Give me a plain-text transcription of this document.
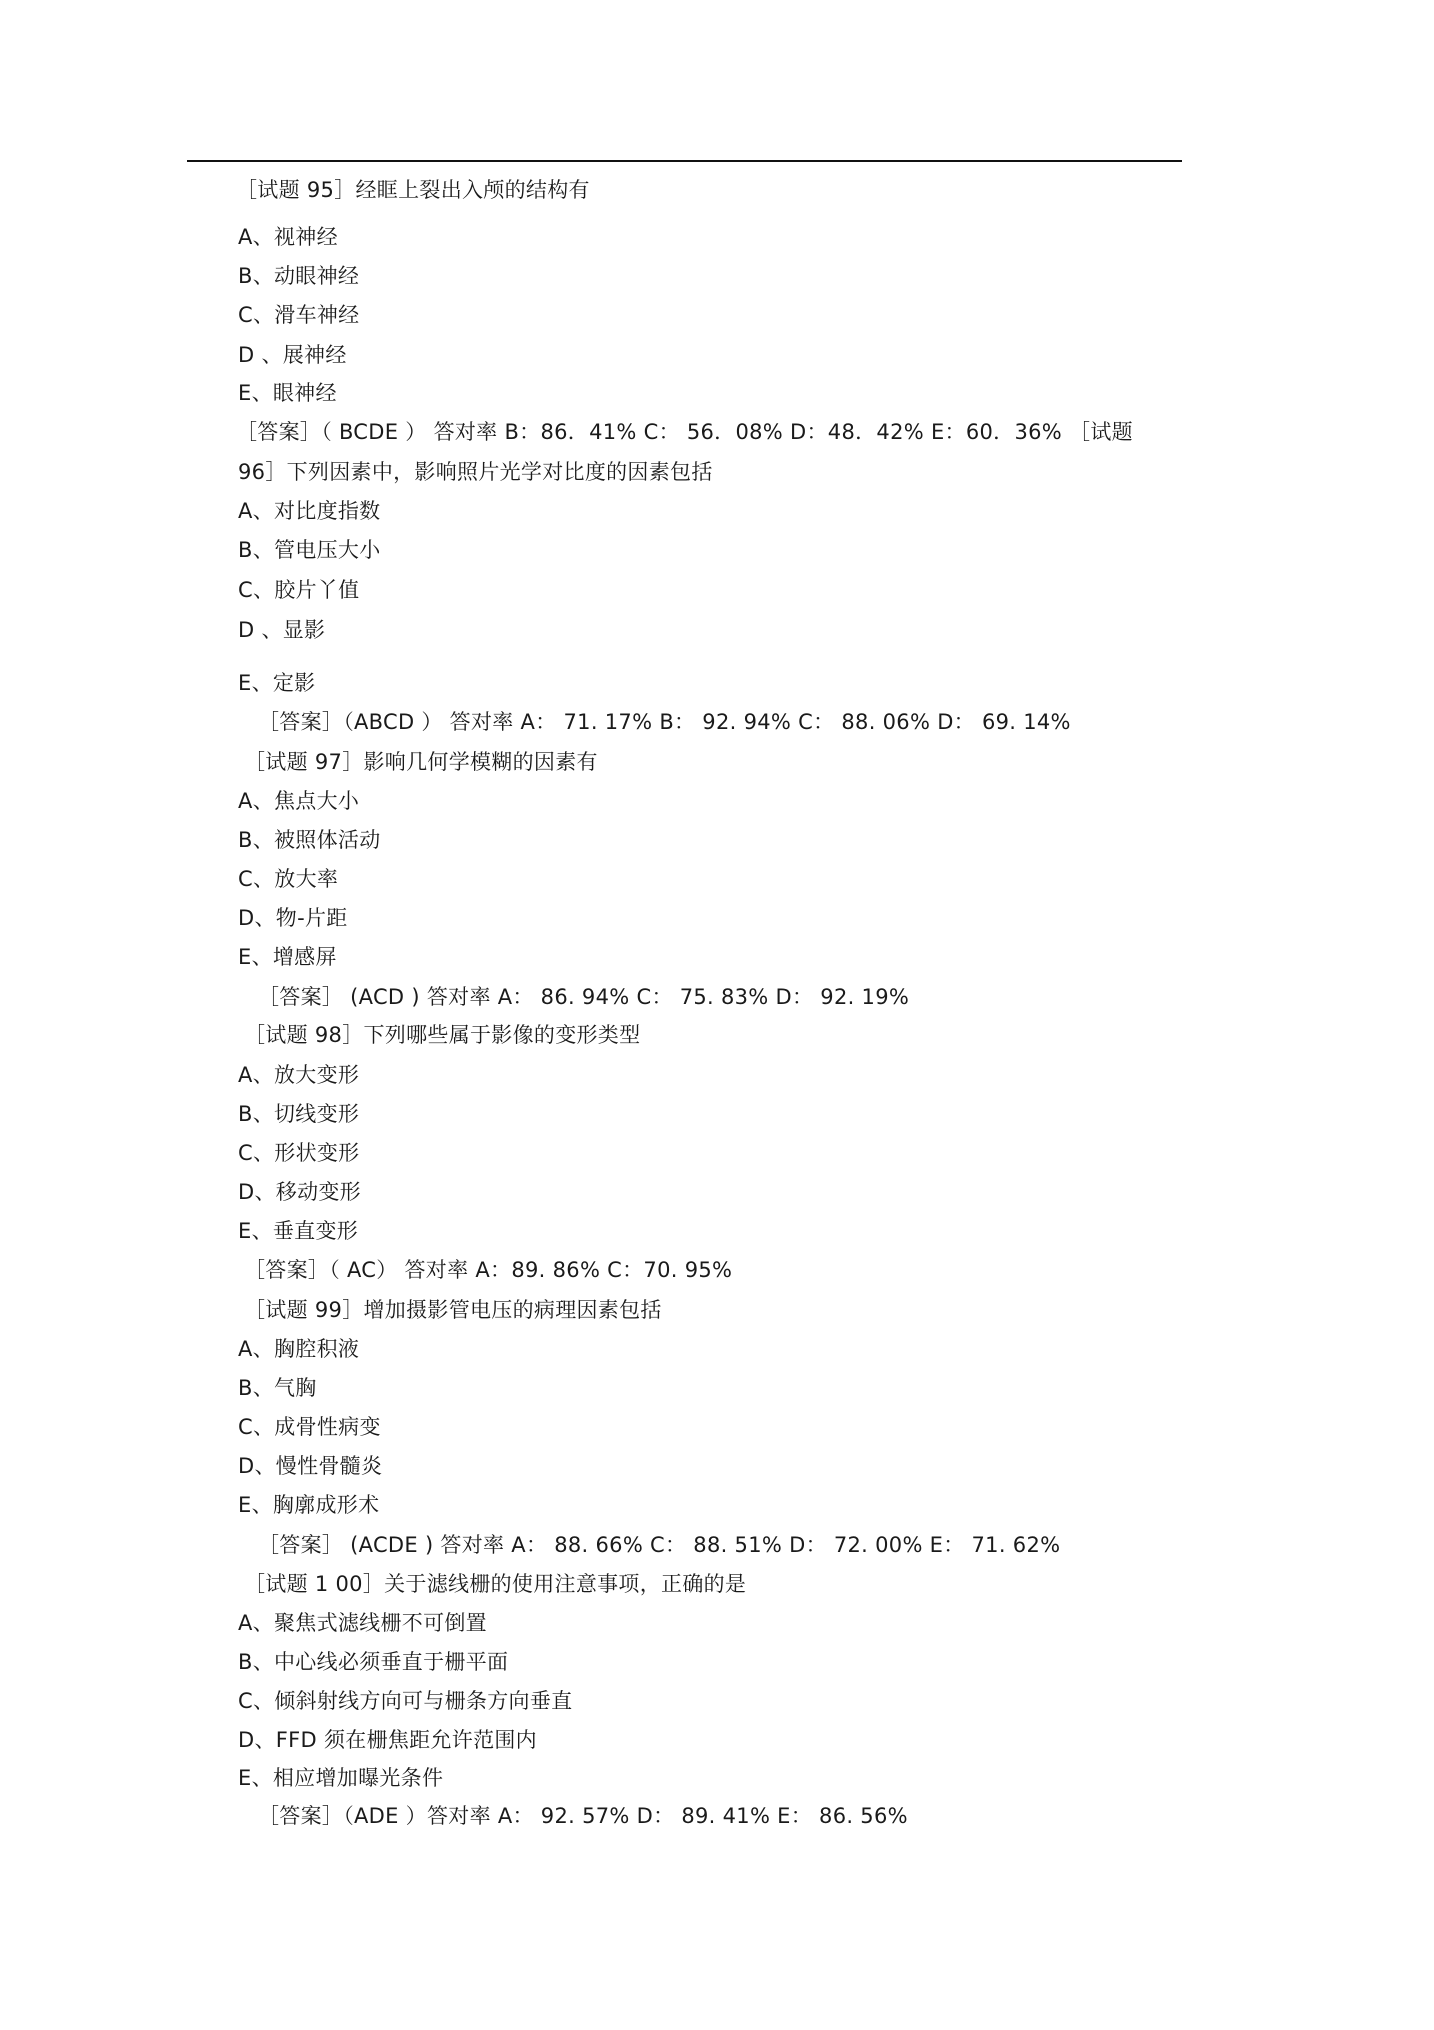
［试题 95］经眶上裂出入颅的结构有
A、视神经
B、动眼神经
C、滑车神经
D 、展神经
E、眼神经
［答案］（ BCDE ） 答对率 B：86．41% C： 56．08% D：48．42% E：60．36% ［试题
96］下列因素中，影响照片光学对比度的因素包括
A、对比度指数
B、管电压大小
C、胶片丫值
D 、显影
E、定影
［答案］（ABCD ） 答对率 A： 71. 17% B： 92. 94% C： 88. 06% D： 69. 14%
［试题 97］影响几何学模糊的因素有
A、焦点大小
B、被照体活动
C、放大率
D、物-片距
E、增感屏
［答案］ (ACD ) 答对率 A： 86. 94% C： 75. 83% D： 92. 19%
［试题 98］下列哪些属于影像的变形类型
A、放大变形
B、切线变形
C、形状变形
D、移动变形
E、垂直变形
［答案］（ AC） 答对率 A：89. 86% C：70. 95%
［试题 99］增加摄影管电压的病理因素包括
A、胸腔积液
B、气胸
C、成骨性病变
D、慢性骨髓炎
E、胸廓成形术
［答案］ (ACDE ) 答对率 A： 88. 66% C： 88. 51% D： 72. 00% E： 71. 62%
［试题 1 00］关于滤线栅的使用注意事项，正确的是
A、聚焦式滤线栅不可倒置
B、中心线必须垂直于栅平面
C、倾斜射线方向可与栅条方向垂直
D、FFD 须在栅焦距允许范围内
E、相应增加曝光条件
［答案］（ADE ）答对率 A： 92. 57% D： 89. 41% E： 86. 56%
